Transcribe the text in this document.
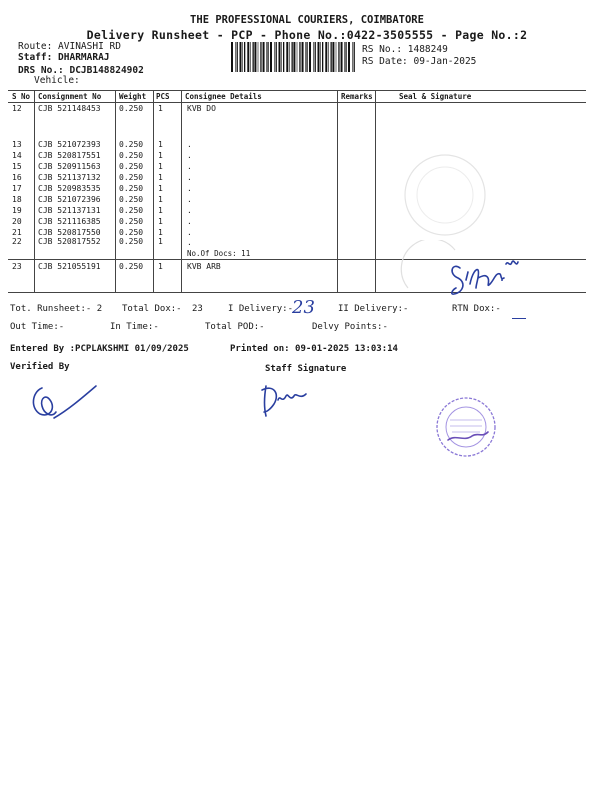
THE PROFESSIONAL COURIERS, COIMBATORE
Delivery Runsheet - PCP - Phone No.:0422-3505555 - Page No.:2
Route: AVINASHI RD
Staff: DHARMARAJ
DRS No.: DCJB148824902
Vehicle:
RS No.: 1488249
RS Date: 09-Jan-2025
S No Consignment No Weight PCS Consignee Details	Remarks	Seal & Signature
12 CJB 521148453 0.250 1	KVB DO
13 CJB 521072393 0.250 1	.
14 CJB 520817551 0.250 1	.
15 CJB 520911563 0.250 1	.
16 CJB 521137132 0.250 1	.
17 CJB 520983535 0.250 1	.
18 CJB 521072396 0.250 1	.
19 CJB 521137131 0.250 1	.
20 CJB 521116385 0.250 1	.
21 CJB 520817550 0.250 1	.
22 CJB 520817552 0.250 1	.
No.Of Docs: 11
23 CJB 521055191 0.250 1	KVB ARB
Tot. Runsheet:- 2 Total Dox:- 23	I Delivery:-
23	II Delivery:-	RTN Dox:-
Out Time:-	In Time:-	Total POD:-	Delvy Points:-
Entered By :PCPLAKSHMI 01/09/2025	Printed on: 09-01-2025 13:03:14
Verified By	Staff Signature
